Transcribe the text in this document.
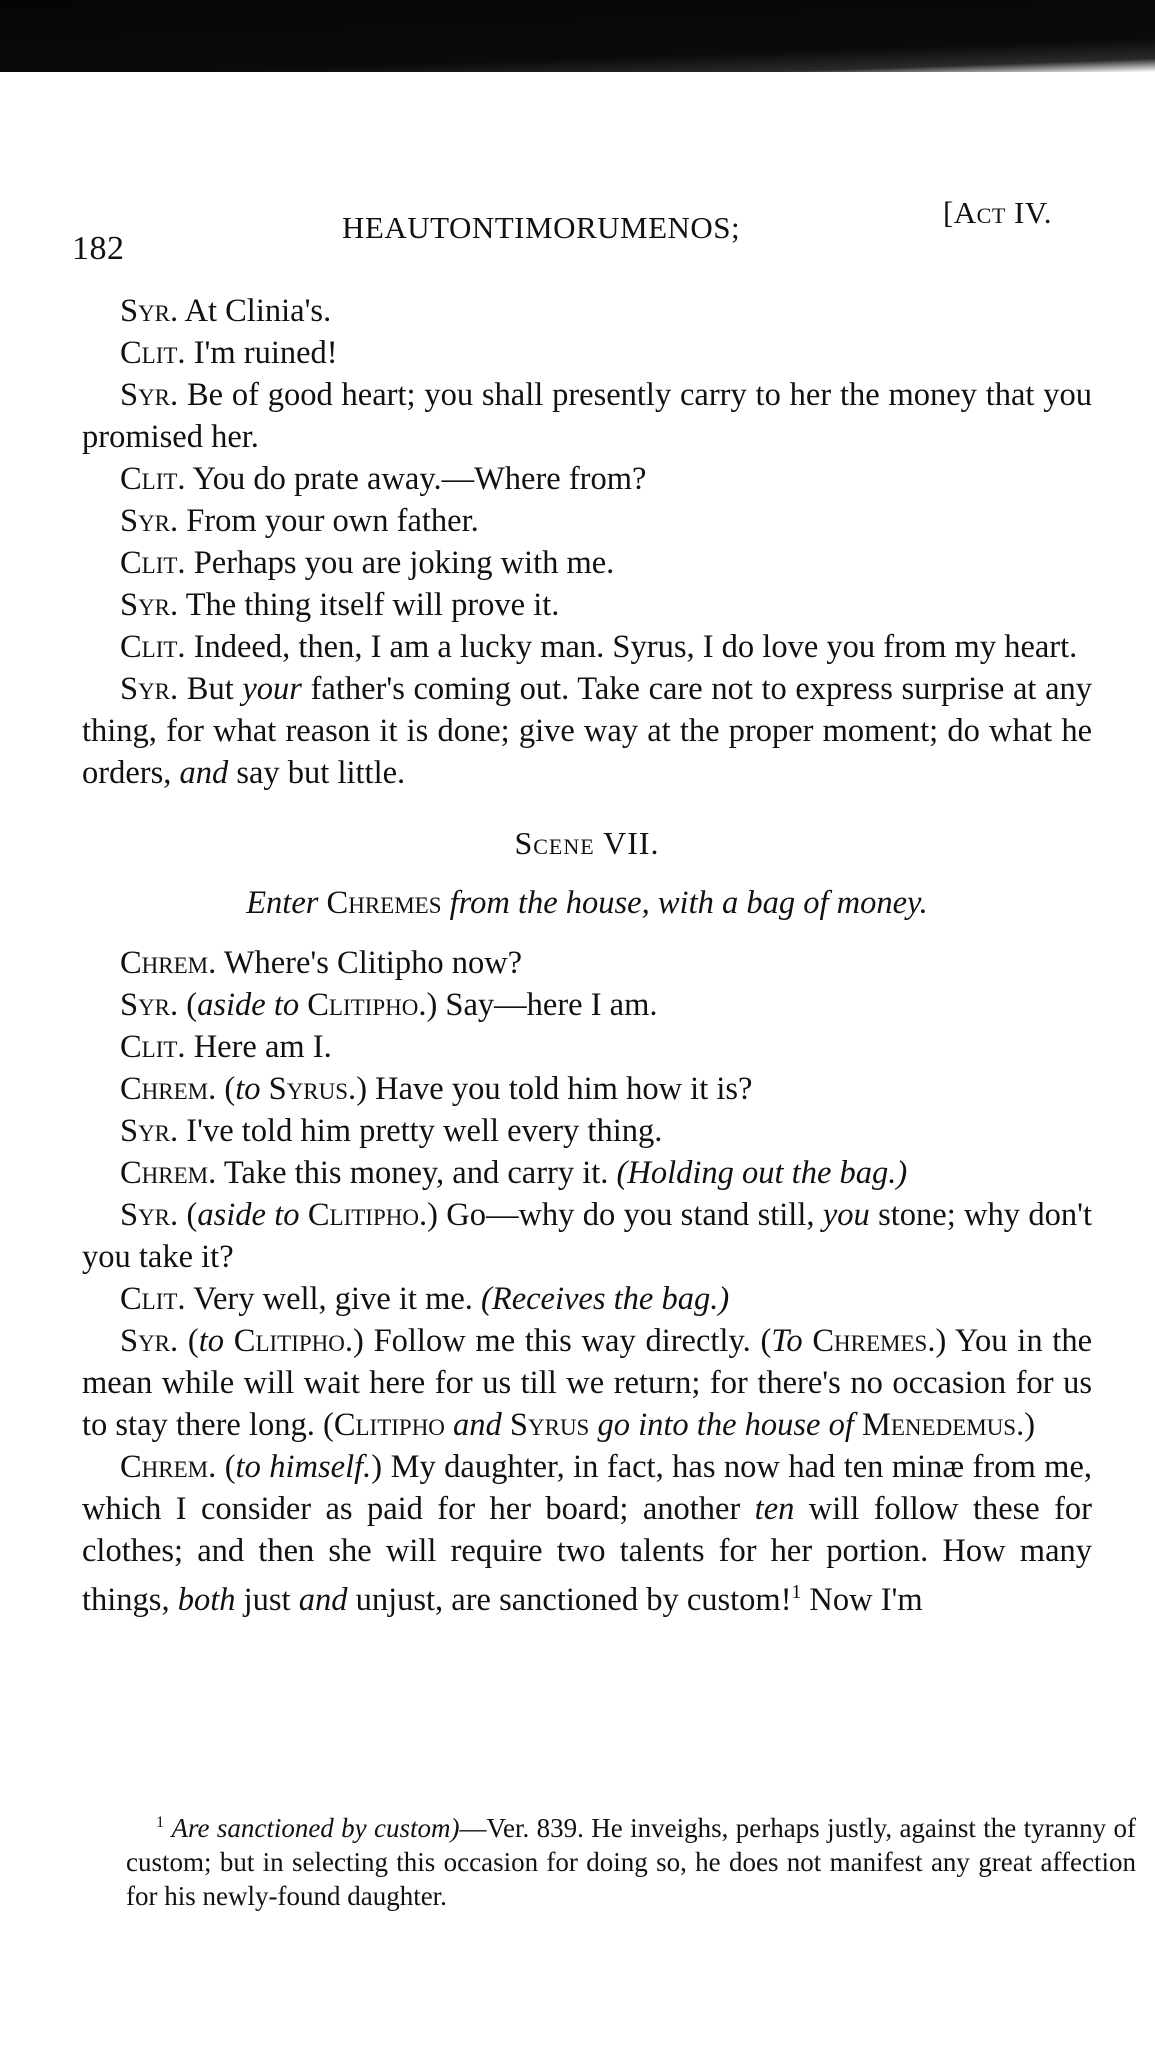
182
HEAUTONTIMORUMENOS;	[Act IV.

Syr. At Clinia's.

Clit. I'm ruined!

Syr. Be of good heart; you shall presently carry to her the money that you promised her.

Clit. You do prate away.—Where from?

Syr. From your own father.

Clit. Perhaps you are joking with me.

Syr. The thing itself will prove it.

Clit. Indeed, then, I am a lucky man. Syrus, I do love you from my heart.

Syr. But your father's coming out. Take care not to express surprise at any thing, for what reason it is done; give way at the proper moment; do what he orders, and say but little.

Scene VII.

Enter Chremes from the house, with a bag of money.

Chrem. Where's Clitipho now?

Syr. (aside to Clitipho.) Say—here I am.

Clit. Here am I.

Chrem. (to Syrus.) Have you told him how it is?

Syr. I've told him pretty well every thing.

Chrem. Take this money, and carry it. (Holding out the bag.)

Syr. (aside to Clitipho.) Go—why do you stand still, you stone; why don't you take it?

Clit. Very well, give it me. (Receives the bag.)

Syr. (to Clitipho.) Follow me this way directly. (To Chremes.) You in the mean while will wait here for us till we return; for there's no occasion for us to stay there long. (Clitipho and Syrus go into the house of Menedemus.)

Chrem. (to himself.) My daughter, in fact, has now had ten minæ from me, which I consider as paid for her board; another ten will follow these for clothes; and then she will require two talents for her portion. How many things, both just and unjust, are sanctioned by custom!$^1$ Now I'm

$^1$ Are sanctioned by custom)—Ver. 839. He inveighs, perhaps justly, against the tyranny of custom; but in selecting this occasion for doing so, he does not manifest any great affection for his newly-found daughter.
